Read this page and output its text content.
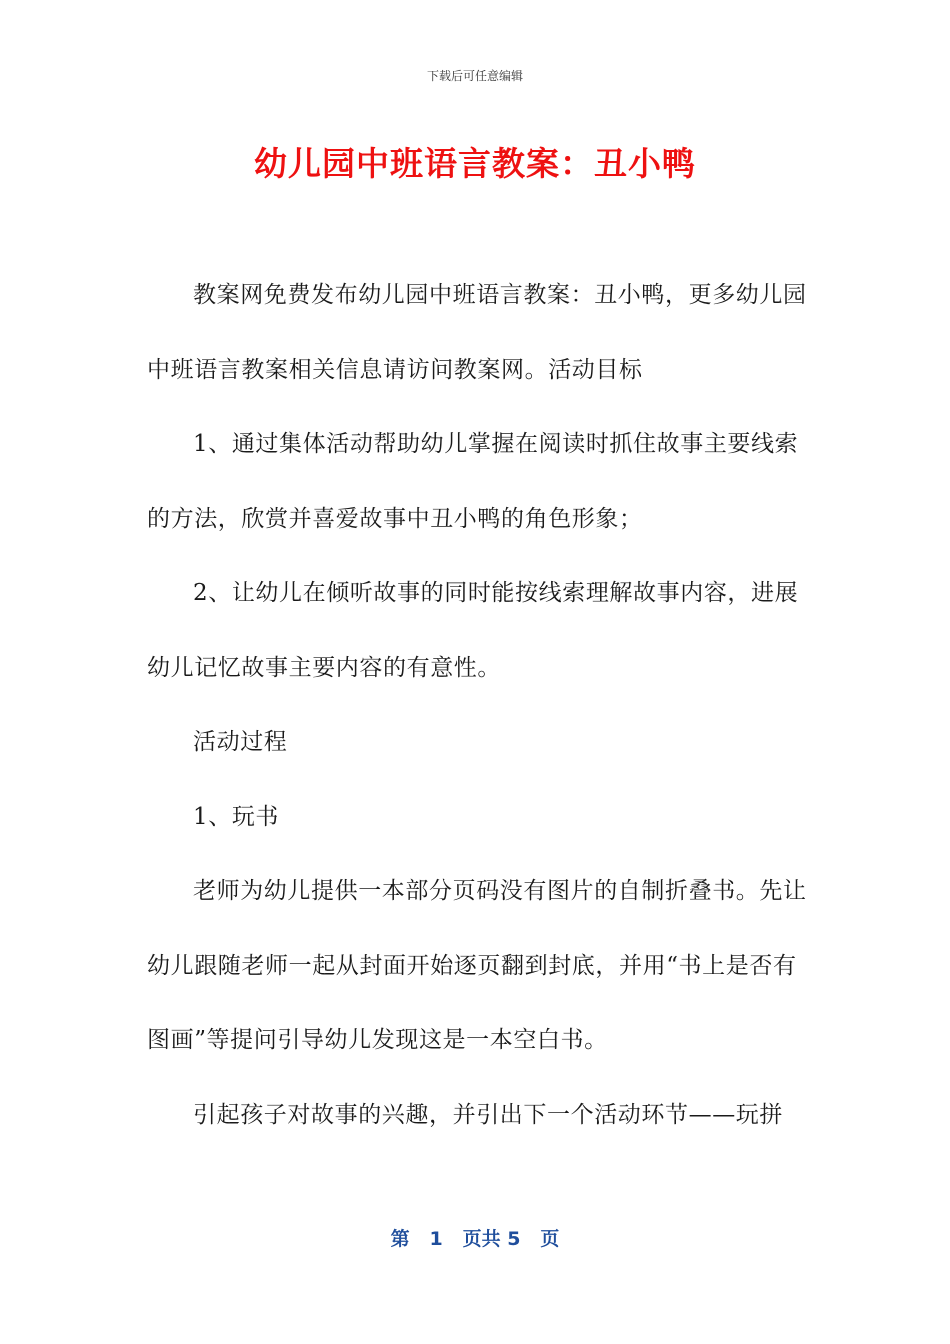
下载后可任意编辑
幼儿园中班语言教案：丑小鸭

教案网免费发布幼儿园中班语言教案：丑小鸭，更多幼儿园中班语言教案相关信息请访问教案网。活动目标

1、通过集体活动帮助幼儿掌握在阅读时抓住故事主要线索的方法，欣赏并喜爱故事中丑小鸭的角色形象；

2、让幼儿在倾听故事的同时能按线索理解故事内容，进展幼儿记忆故事主要内容的有意性。

活动过程

1、玩书

老师为幼儿提供一本部分页码没有图片的自制折叠书。先让幼儿跟随老师一起从封面开始逐页翻到封底，并用“书上是否有图画”等提问引导幼儿发现这是一本空白书。

引起孩子对故事的兴趣，并引出下一个活动环节——玩拼

第 1 页共 5 页
